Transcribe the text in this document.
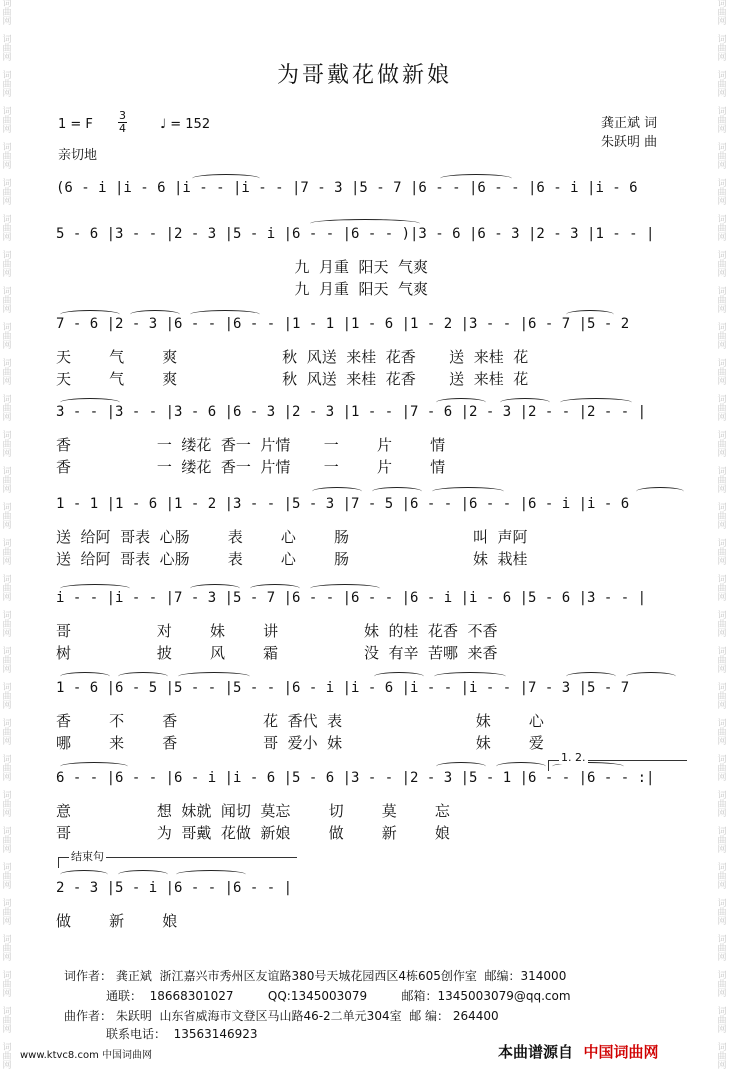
词曲网
词曲网
词曲网
词曲网
词曲网
词曲网
词曲网
词曲网
词曲网
词曲网
词曲网
词曲网
词曲网
词曲网
词曲网
词曲网
词曲网
词曲网
词曲网
词曲网
词曲网
词曲网
词曲网
词曲网
词曲网
词曲网
词曲网
词曲网
词曲网
词曲网
词曲网
词曲网
词曲网
词曲网
词曲网
词曲网
词曲网
词曲网
词曲网
词曲网
词曲网
词曲网
词曲网
词曲网
词曲网
词曲网
词曲网
词曲网
词曲网
词曲网
词曲网
词曲网
词曲网
词曲网
词曲网
词曲网
词曲网
词曲网
词曲网
词曲网
为哥戴花做新娘
1 = F $\frac{3}{4}$	♩ = 152
亲切地
龚正斌 词
朱跃明 曲
(6 - i |i - 6 |i - - |i - - |7 - 3 |5 - 7 |6 - - |6 - - |6 - i |i - 6
5 - 6 |3 - - |2 - 3 |5 - i |6 - - |6 - - )|3 - 6 |6 - 3 |2 - 3 |1 - - |
九  月重  阳天  气爽
九  月重  阳天  气爽
7 - 6 |2 - 3 |6 - - |6 - - |1 - 1 |1 - 6 |1 - 2 |3 - - |6 - 7 |5 - 2
天        气        爽                      秋  风送  来桂  花香       送  来桂  花
天        气        爽                      秋  风送  来桂  花香       送  来桂  花
3 - - |3 - - |3 - 6 |6 - 3 |2 - 3 |1 - - |7 - 6 |2 - 3 |2 - - |2 - - |
香                  一  缕花  香一  片情       一        片        情
香                  一  缕花  香一  片情       一        片        情
1 - 1 |1 - 6 |1 - 2 |3 - - |5 - 3 |7 - 5 |6 - - |6 - - |6 - i |i - 6
送  给阿  哥表  心肠        表        心        肠                          叫  声阿
送  给阿  哥表  心肠        表        心        肠                          妹  栽桂
i - - |i - - |7 - 3 |5 - 7 |6 - - |6 - - |6 - i |i - 6 |5 - 6 |3 - - |
哥                  对        妹        讲                  妹  的桂  花香  不香
树                  披        风        霜                  没  有辛  苦哪  来香
1 - 6 |6 - 5 |5 - - |5 - - |6 - i |i - 6 |i - - |i - - |7 - 3 |5 - 7
香        不        香                  花  香代  表                            妹        心
哪        来        香                  哥  爱小  妹                            妹        爱
6 - - |6 - - |6 - i |i - 6 |5 - 6 |3 - - |2 - 3 |5 - 1 |6 - - |6 - - :|
意                  想  妹就  闻切  莫忘        切        莫        忘
哥                  为  哥戴  花做  新娘        做        新        娘
2 - 3 |5 - i |6 - - |6 - - |
做        新        娘
1. 2.
结束句
词作者： 龚正斌  浙江嘉兴市秀州区友谊路380号天城花园西区4栋605创作室  邮编：314000
通联：  18668301027         QQ:1345003079         邮箱：1345003079@qq.com
曲作者： 朱跃明  山东省威海市文登区马山路46-2二单元304室  邮 编： 264400
联系电话：  13563146923
www.ktvc8.com 中国词曲网	本曲谱源自 中国词曲网
